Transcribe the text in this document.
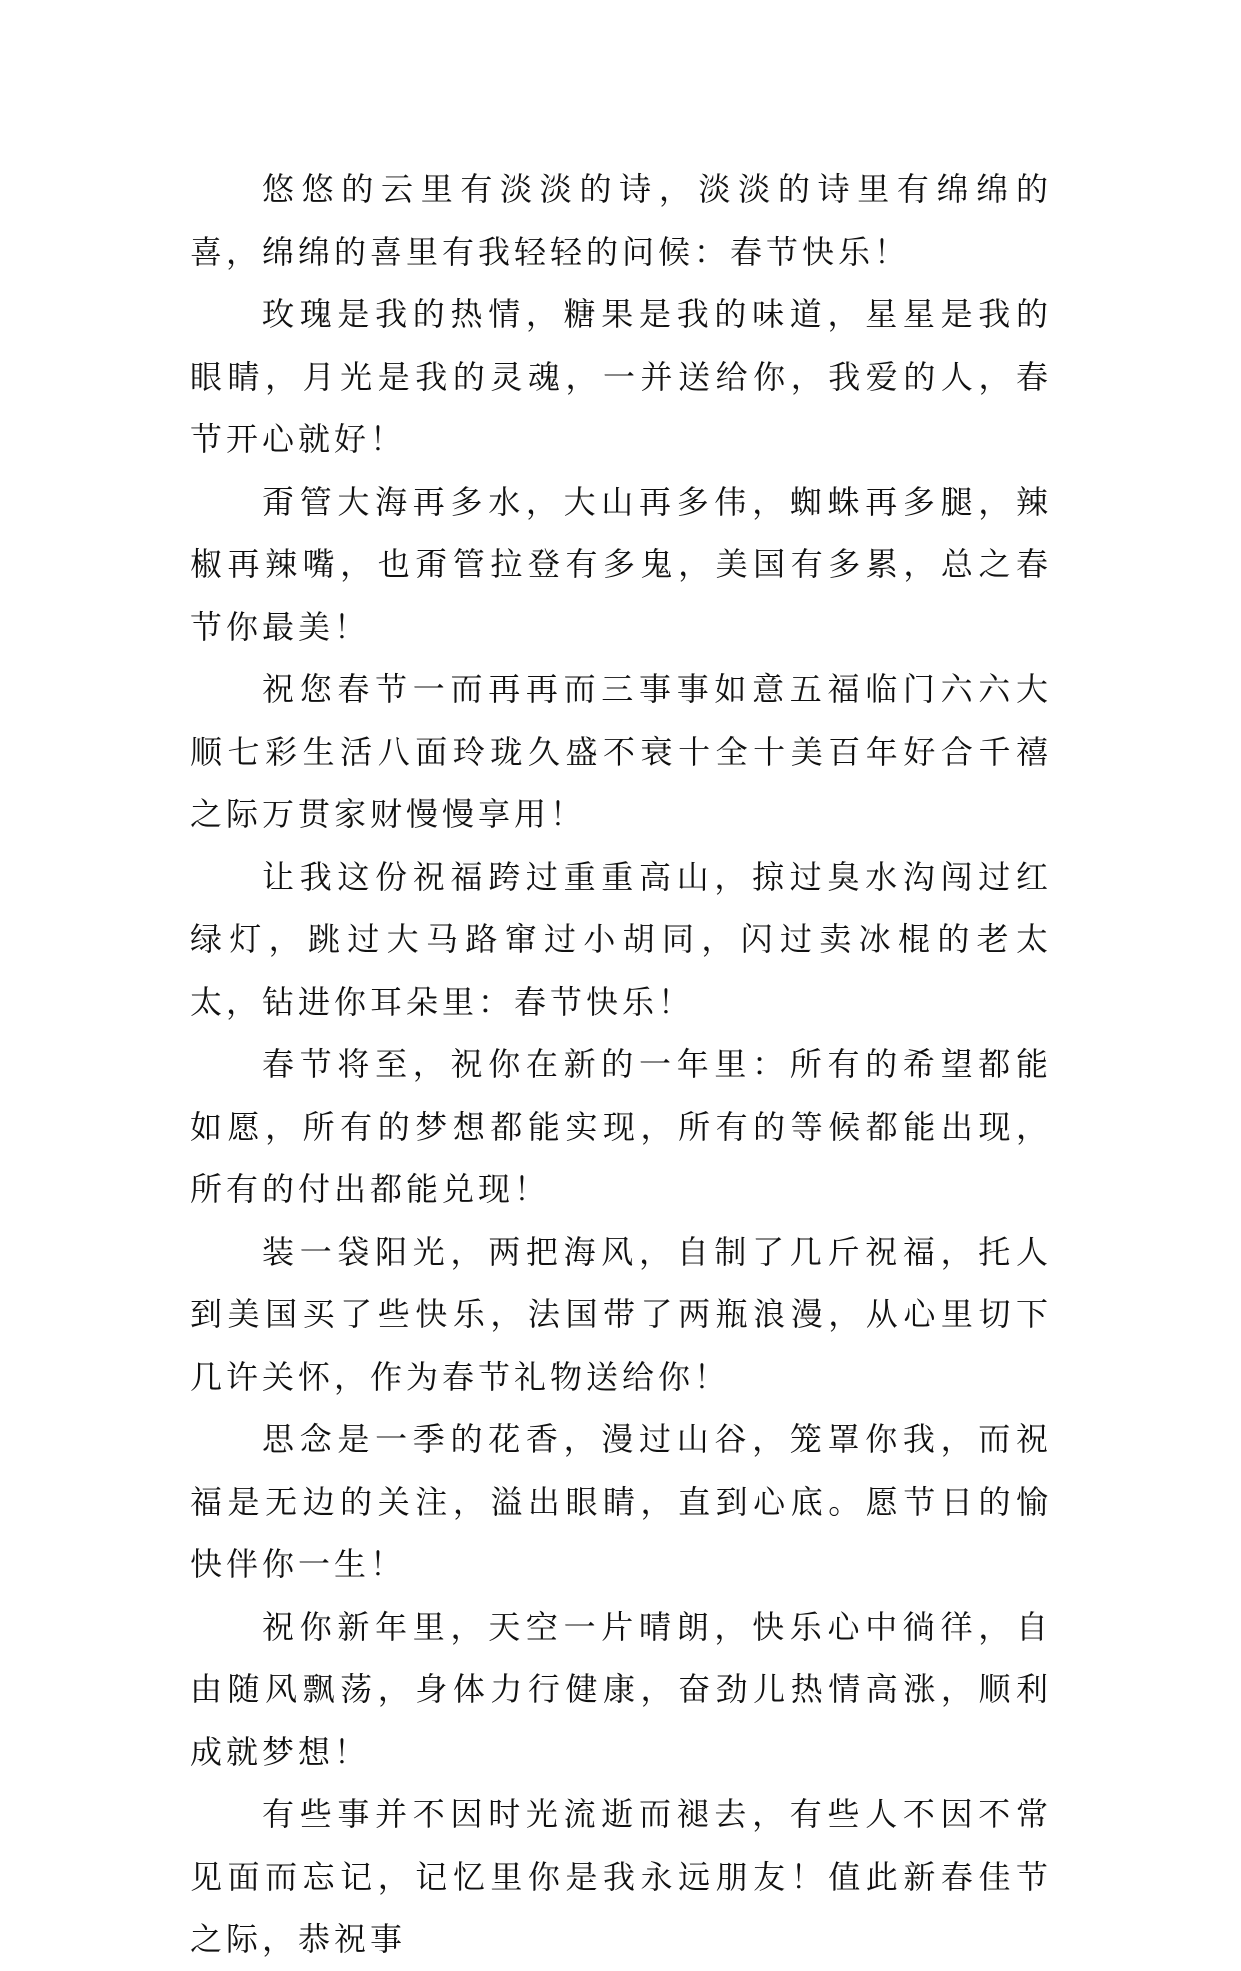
悠悠的云里有淡淡的诗，淡淡的诗里有绵绵的喜，绵绵的喜里有我轻轻的问候：春节快乐！

玫瑰是我的热情，糖果是我的味道，星星是我的眼睛，月光是我的灵魂，一并送给你，我爱的人，春节开心就好！

甭管大海再多水，大山再多伟，蜘蛛再多腿，辣椒再辣嘴，也甭管拉登有多鬼，美国有多累，总之春节你最美！

祝您春节一而再再而三事事如意五福临门六六大顺七彩生活八面玲珑久盛不衰十全十美百年好合千禧之际万贯家财慢慢享用！

让我这份祝福跨过重重高山，掠过臭水沟闯过红绿灯，跳过大马路窜过小胡同，闪过卖冰棍的老太太，钻进你耳朵里：春节快乐！

春节将至，祝你在新的一年里：所有的希望都能如愿，所有的梦想都能实现，所有的等候都能出现，所有的付出都能兑现！

装一袋阳光，两把海风，自制了几斤祝福，托人到美国买了些快乐，法国带了两瓶浪漫，从心里切下几许关怀，作为春节礼物送给你！

思念是一季的花香，漫过山谷，笼罩你我，而祝福是无边的关注，溢出眼睛，直到心底。愿节日的愉快伴你一生！

祝你新年里，天空一片晴朗，快乐心中徜徉，自由随风飘荡，身体力行健康，奋劲儿热情高涨，顺利成就梦想！

有些事并不因时光流逝而褪去，有些人不因不常见面而忘记，记忆里你是我永远朋友！值此新春佳节之际，恭祝事
